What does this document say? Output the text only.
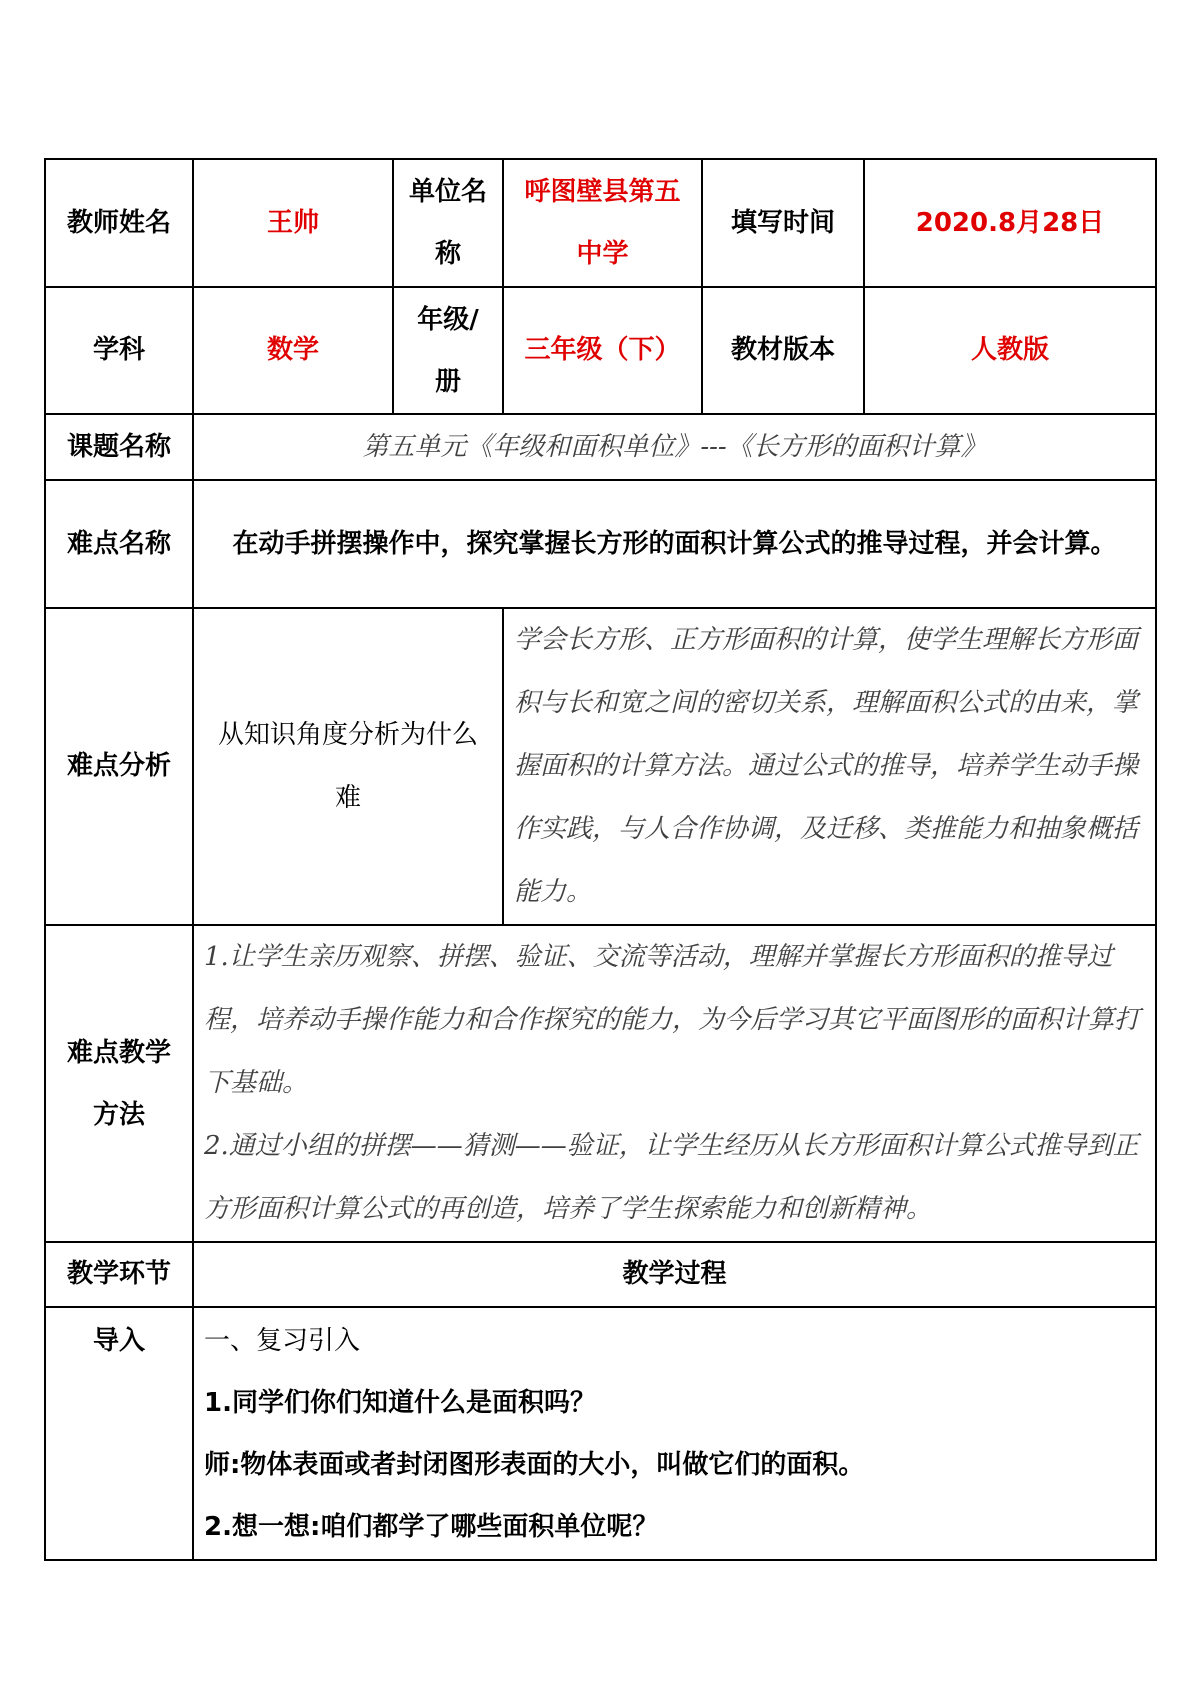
教师姓名	王帅	单位名称	呼图壁县第五中学	填写时间	2020.8月28日
学科	数学	年级/册	三年级（下）	教材版本	人教版
课题名称	第五单元《年级和面积单位》---《长方形的面积计算》				
难点名称	在动手拼摆操作中，探究掌握长方形的面积计算公式的推导过程，并会计算。				
难点分析	从知识角度分析为什么难		学会长方形、正方形面积的计算，使学生理解长方形面积与长和宽之间的密切关系，理解面积公式的由来，掌握面积的计算方法。通过公式的推导，培养学生动手操作实践，与人合作协调，及迁移、类推能力和抽象概括能力。		

难点教学方法	1.让学生亲历观察、拼摆、验证、交流等活动，理解并掌握长方形面积的推导过程，培养动手操作能力和合作探究的能力，为今后学习其它平面图形的面积计算打下基础。
2.通过小组的拼摆——猜测——验证，让学生经历从长方形面积计算公式推导到正方形面积计算公式的再创造，培养了学生探索能力和创新精神。				

教学环节	教学过程				
导入	一、复习引入
1.同学们你们知道什么是面积吗？
师:物体表面或者封闭图形表面的大小，叫做它们的面积。
2.想一想:咱们都学了哪些面积单位呢？				
